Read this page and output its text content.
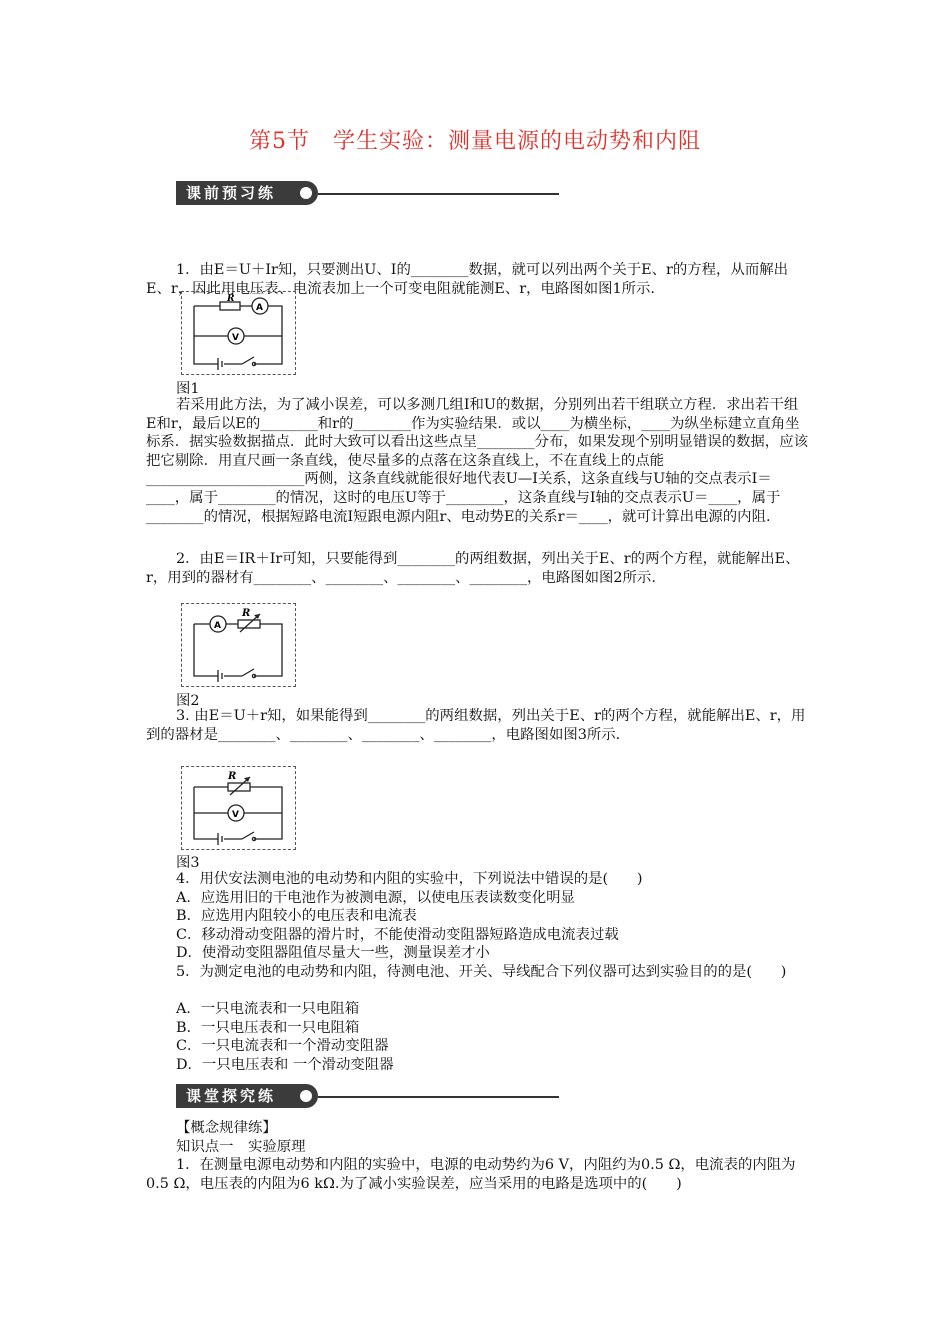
第5节　学生实验：测量电源的电动势和内阻
课前预习练
1．由E＝U＋Ir知，只要测出U、I的________数据，就可以列出两个关于E、r的方程，从而解出E、r，因此用电压表、电流表加上一个可变电阻就能测E、r，电路图如图1所示.
R
A
V
图1
若采用此方法，为了减小误差，可以多测几组I和U的数据，分别列出若干组联立方程．求出若干组E和r，最后以E的________和r的________作为实验结果．或以____为横坐标，____为纵坐标建立直角坐标系．据实验数据描点．此时大致可以看出这些点呈________分布，如果发现个别明显错误的数据，应该把它剔除．用直尺画一条直线，使尽量多的点落在这条直线上，不在直线上的点能______________________两侧，这条直线就能很好地代表U—I关系，这条直线与U轴的交点表示I＝____，属于________的情况，这时的电压U等于________，这条直线与I轴的交点表示U＝____，属于________的情况，根据短路电流I短跟电源内阻r、电动势E的关系r＝____，就可计算出电源的内阻.
2．由E＝IR＋Ir可知，只要能得到________的两组数据，列出关于E、r的两个方程，就能解出E、r，用到的器材有________、________、________、________，电路图如图2所示.
R
A
图2
3. 由E＝U＋r知，如果能得到________的两组数据，列出关于E、r的两个方程，就能解出E、r，用到的器材是________、________、________、________，电路图如图3所示.
R
V
图3
4．用伏安法测电池的电动势和内阻的实验中，下列说法中错误的是(　　)
A．应选用旧的干电池作为被测电源，以使电压表读数变化明显
B．应选用内阻较小的电压表和电流表
C．移动滑动变阻器的滑片时，不能使滑动变阻器短路造成电流表过载
D．使滑动变阻器阻值尽量大一些，测量误差才小
5．为测定电池的电动势和内阻，待测电池、开关、导线配合下列仪器可达到实验目的的是(　　)
A．一只电流表和一只电阻箱
B．一只电压表和一只电阻箱
C．一只电流表和一个滑动变阻器
D．一只电压表和 一个滑动变阻器
课堂探究练
【概念规律练】
知识点一　实验原理
1．在测量电源电动势和内阻的实验中，电源的电动势约为6 V，内阻约为0.5 Ω，电流表的内阻为0.5 Ω，电压表的内阻为6 kΩ.为了减小实验误差，应当采用的电路是选项中的(　　)
